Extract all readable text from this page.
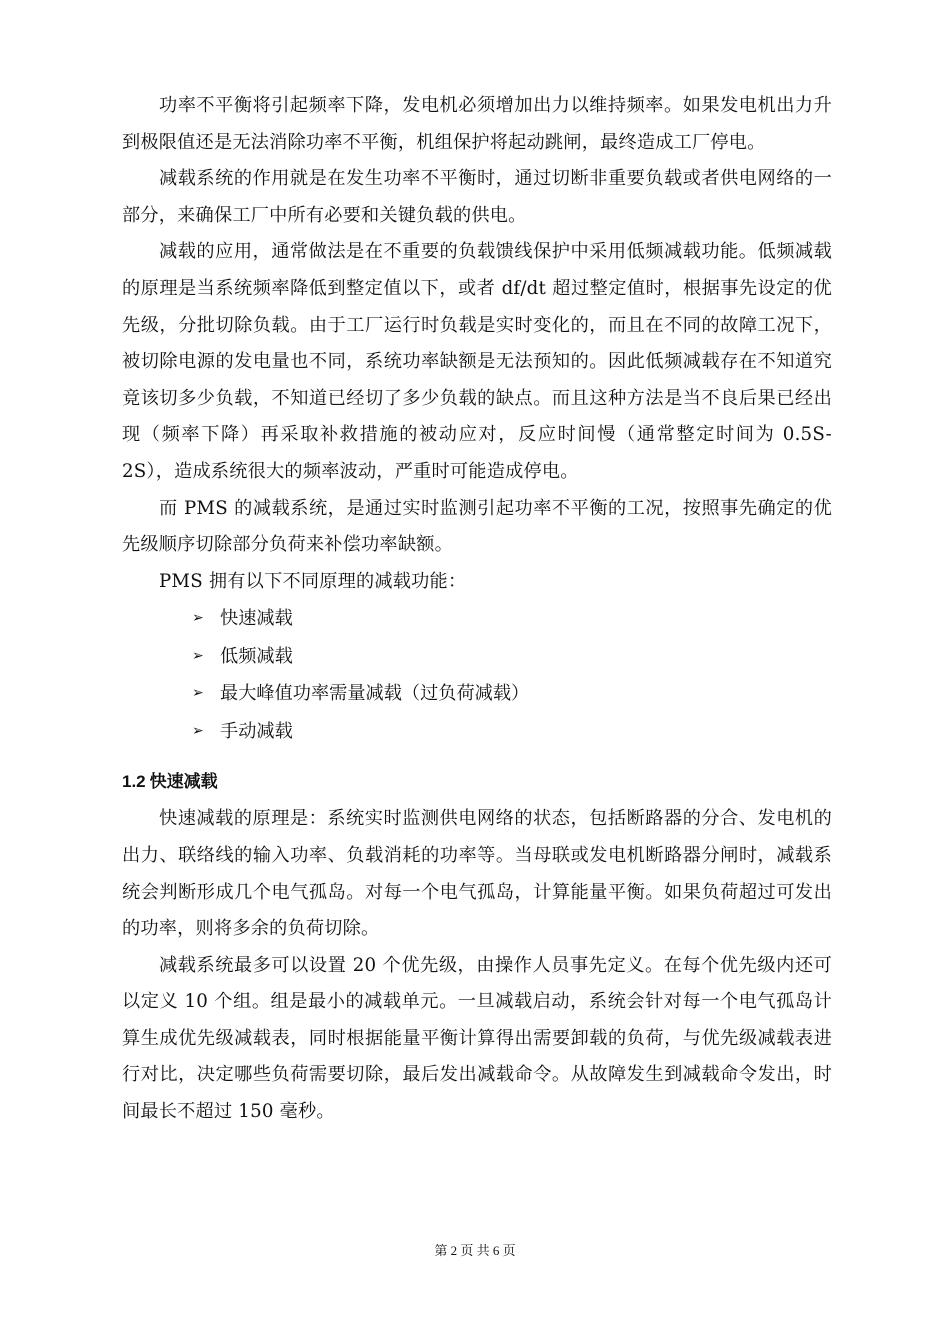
功率不平衡将引起频率下降，发电机必须增加出力以维持频率。如果发电机出力升到极限值还是无法消除功率不平衡，机组保护将起动跳闸，最终造成工厂停电。

减载系统的作用就是在发生功率不平衡时，通过切断非重要负载或者供电网络的一部分，来确保工厂中所有必要和关键负载的供电。

减载的应用，通常做法是在不重要的负载馈线保护中采用低频减载功能。低频减载的原理是当系统频率降低到整定值以下，或者 df/dt 超过整定值时，根据事先设定的优先级，分批切除负载。由于工厂运行时负载是实时变化的，而且在不同的故障工况下，被切除电源的发电量也不同，系统功率缺额是无法预知的。因此低频减载存在不知道究竟该切多少负载，不知道已经切了多少负载的缺点。而且这种方法是当不良后果已经出现（频率下降）再采取补救措施的被动应对，反应时间慢（通常整定时间为 0.5S-2S），造成系统很大的频率波动，严重时可能造成停电。

而 PMS 的减载系统，是通过实时监测引起功率不平衡的工况，按照事先确定的优先级顺序切除部分负荷来补偿功率缺额。

PMS 拥有以下不同原理的减载功能：

➢ 快速减载
➢ 低频减载
➢ 最大峰值功率需量减载（过负荷减载）
➢ 手动减载
1.2 快速减载

快速减载的原理是：系统实时监测供电网络的状态，包括断路器的分合、发电机的出力、联络线的输入功率、负载消耗的功率等。当母联或发电机断路器分闸时，减载系统会判断形成几个电气孤岛。对每一个电气孤岛，计算能量平衡。如果负荷超过可发出的功率，则将多余的负荷切除。

减载系统最多可以设置 20 个优先级，由操作人员事先定义。在每个优先级内还可以定义 10 个组。组是最小的减载单元。一旦减载启动，系统会针对每一个电气孤岛计算生成优先级减载表，同时根据能量平衡计算得出需要卸载的负荷，与优先级减载表进行对比，决定哪些负荷需要切除，最后发出减载命令。从故障发生到减载命令发出，时间最长不超过 150 毫秒。

第 2 页 共 6 页
